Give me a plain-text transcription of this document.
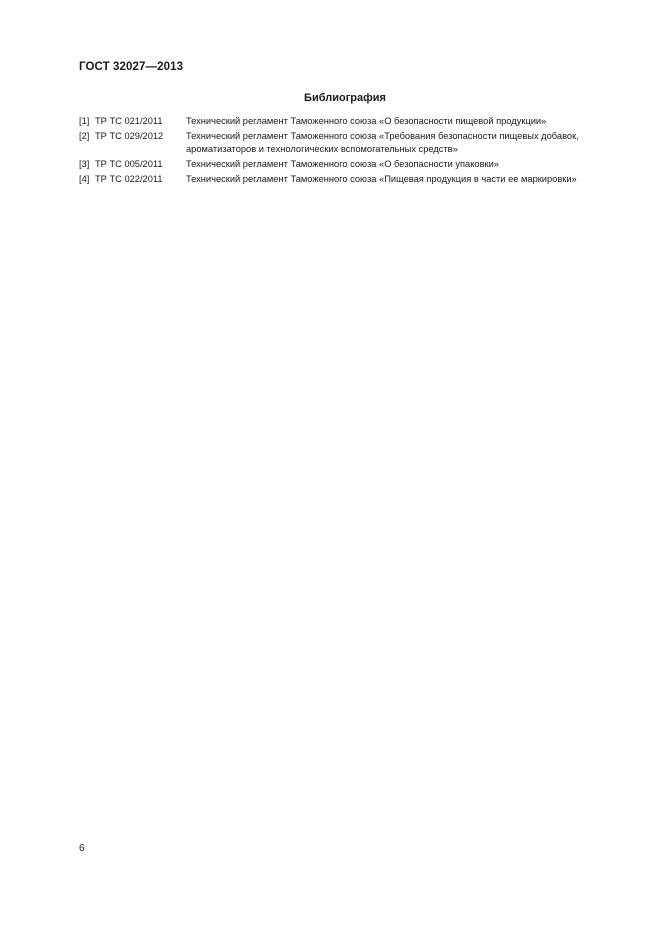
ГОСТ 32027—2013
Библиография
[1] ТР ТС 021/2011	Технический регламент Таможенного союза «О безопасности пищевой продукции»
[2] ТР ТС 029/2012	Технический регламент Таможенного союза «Требования безопасности пищевых добавок, ароматизаторов и технологических вспомогательных средств»
[3] ТР ТС 005/2011	Технический регламент Таможенного союза «О безопасности упаковки»
[4] ТР ТС 022/2011	Технический регламент Таможенного союза «Пищевая продукция в части ее маркировки»
6
